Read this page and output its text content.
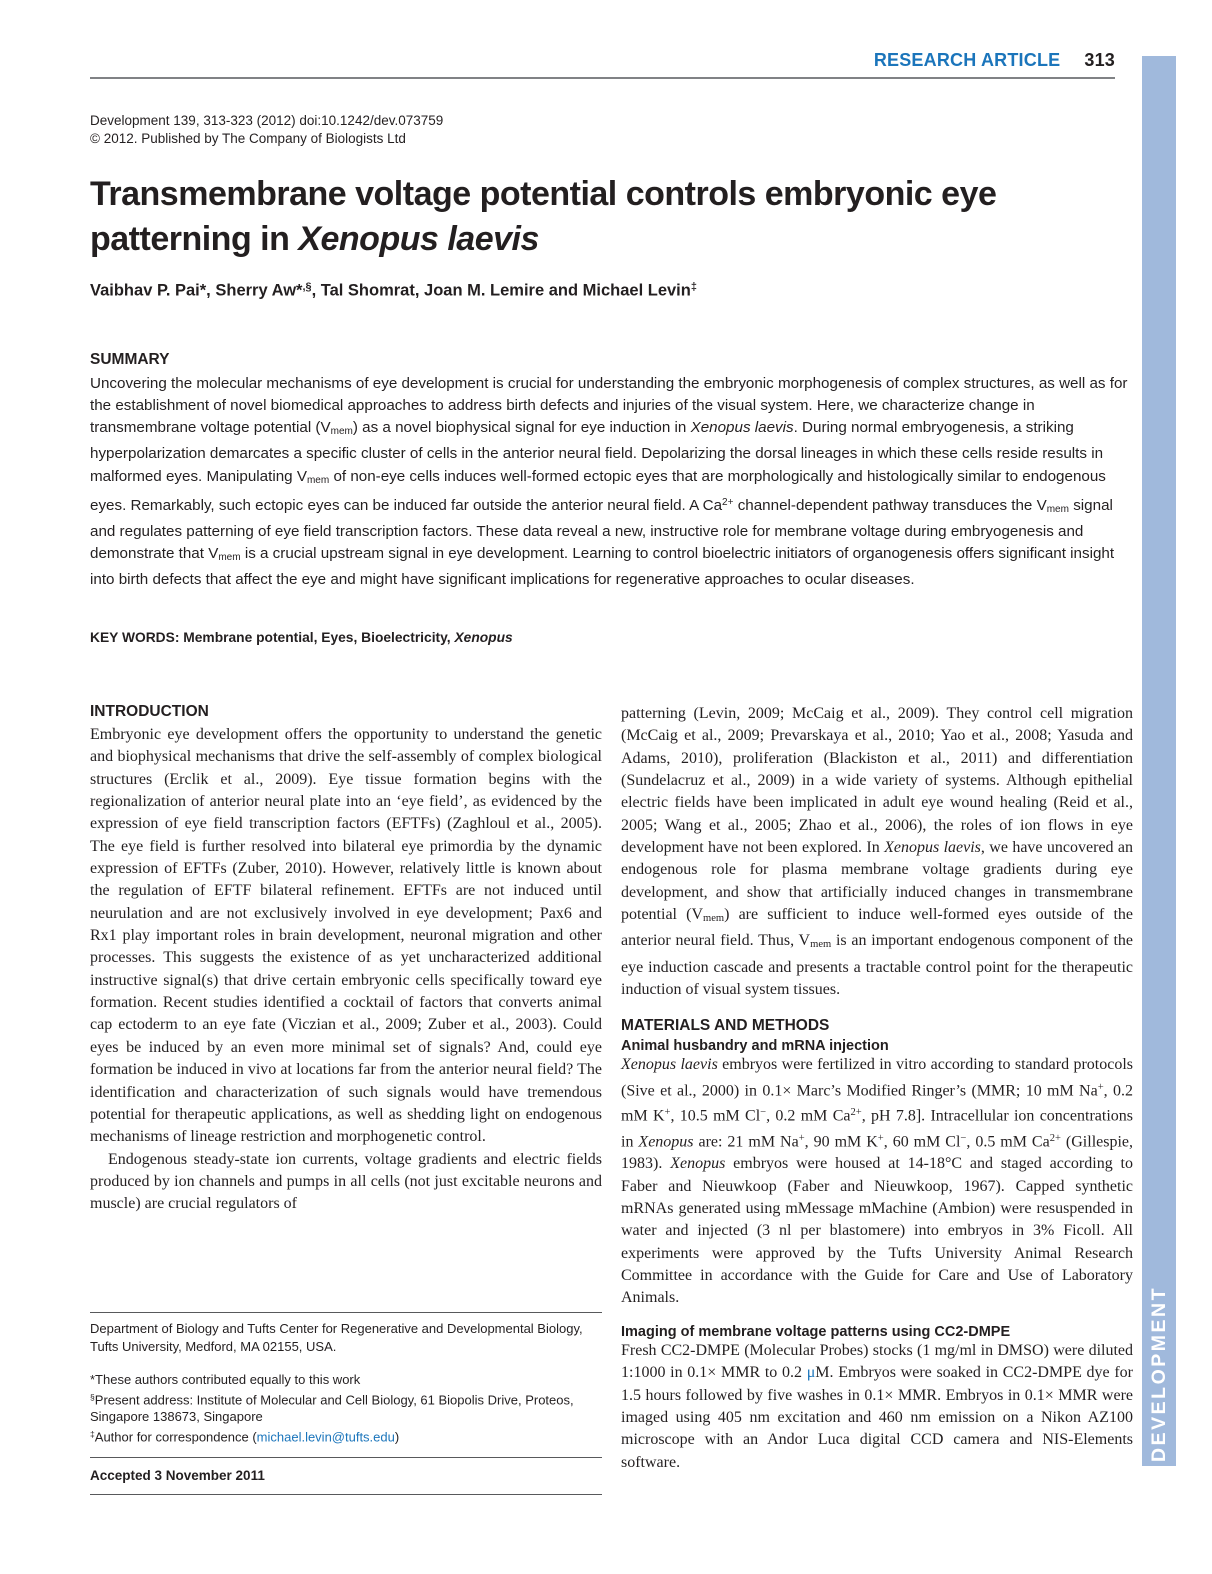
RESEARCH ARTICLE 313
Development 139, 313-323 (2012) doi:10.1242/dev.073759
© 2012. Published by The Company of Biologists Ltd
Transmembrane voltage potential controls embryonic eye patterning in Xenopus laevis
Vaibhav P. Pai*, Sherry Aw*,§, Tal Shomrat, Joan M. Lemire and Michael Levin‡
SUMMARY
Uncovering the molecular mechanisms of eye development is crucial for understanding the embryonic morphogenesis of complex structures, as well as for the establishment of novel biomedical approaches to address birth defects and injuries of the visual system. Here, we characterize change in transmembrane voltage potential (Vmem) as a novel biophysical signal for eye induction in Xenopus laevis. During normal embryogenesis, a striking hyperpolarization demarcates a specific cluster of cells in the anterior neural field. Depolarizing the dorsal lineages in which these cells reside results in malformed eyes. Manipulating Vmem of non-eye cells induces well-formed ectopic eyes that are morphologically and histologically similar to endogenous eyes. Remarkably, such ectopic eyes can be induced far outside the anterior neural field. A $Ca^{2+}$ channel-dependent pathway transduces the Vmem signal and regulates patterning of eye field transcription factors. These data reveal a new, instructive role for membrane voltage during embryogenesis and demonstrate that Vmem is a crucial upstream signal in eye development. Learning to control bioelectric initiators of organogenesis offers significant insight into birth defects that affect the eye and might have significant implications for regenerative approaches to ocular diseases.
KEY WORDS: Membrane potential, Eyes, Bioelectricity, Xenopus
INTRODUCTION

Embryonic eye development offers the opportunity to understand the genetic and biophysical mechanisms that drive the self-assembly of complex biological structures (Erclik et al., 2009). Eye tissue formation begins with the regionalization of anterior neural plate into an ‘eye field’, as evidenced by the expression of eye field transcription factors (EFTFs) (Zaghloul et al., 2005). The eye field is further resolved into bilateral eye primordia by the dynamic expression of EFTFs (Zuber, 2010). However, relatively little is known about the regulation of EFTF bilateral refinement. EFTFs are not induced until neurulation and are not exclusively involved in eye development; Pax6 and Rx1 play important roles in brain development, neuronal migration and other processes. This suggests the existence of as yet uncharacterized additional instructive signal(s) that drive certain embryonic cells specifically toward eye formation. Recent studies identified a cocktail of factors that converts animal cap ectoderm to an eye fate (Viczian et al., 2009; Zuber et al., 2003). Could eyes be induced by an even more minimal set of signals? And, could eye formation be induced in vivo at locations far from the anterior neural field? The identification and characterization of such signals would have tremendous potential for therapeutic applications, as well as shedding light on endogenous mechanisms of lineage restriction and morphogenetic control.

Endogenous steady-state ion currents, voltage gradients and electric fields produced by ion channels and pumps in all cells (not just excitable neurons and muscle) are crucial regulators of

patterning (Levin, 2009; McCaig et al., 2009). They control cell migration (McCaig et al., 2009; Prevarskaya et al., 2010; Yao et al., 2008; Yasuda and Adams, 2010), proliferation (Blackiston et al., 2011) and differentiation (Sundelacruz et al., 2009) in a wide variety of systems. Although epithelial electric fields have been implicated in adult eye wound healing (Reid et al., 2005; Wang et al., 2005; Zhao et al., 2006), the roles of ion flows in eye development have not been explored. In Xenopus laevis, we have uncovered an endogenous role for plasma membrane voltage gradients during eye development, and show that artificially induced changes in transmembrane potential (Vmem) are sufficient to induce well-formed eyes outside of the anterior neural field. Thus, Vmem is an important endogenous component of the eye induction cascade and presents a tractable control point for the therapeutic induction of visual system tissues.

MATERIALS AND METHODS
Animal husbandry and mRNA injection

Xenopus laevis embryos were fertilized in vitro according to standard protocols (Sive et al., 2000) in 0.1× Marc’s Modified Ringer’s (MMR; 10 mM Na+, 0.2 mM K+, 10.5 mM Cl−, 0.2 mM $Ca^{2+}$, pH 7.8]. Intracellular ion concentrations in Xenopus are: 21 mM Na+, 90 mM K+, 60 mM Cl−, 0.5 mM $Ca^{2+}$ (Gillespie, 1983). Xenopus embryos were housed at 14-18°C and staged according to Faber and Nieuwkoop (Faber and Nieuwkoop, 1967). Capped synthetic mRNAs generated using mMessage mMachine (Ambion) were resuspended in water and injected (3 nl per blastomere) into embryos in 3% Ficoll. All experiments were approved by the Tufts University Animal Research Committee in accordance with the Guide for Care and Use of Laboratory Animals.

Imaging of membrane voltage patterns using CC2-DMPE

Fresh CC2-DMPE (Molecular Probes) stocks (1 mg/ml in DMSO) were diluted 1:1000 in 0.1× MMR to 0.2 μM. Embryos were soaked in CC2-DMPE dye for 1.5 hours followed by five washes in 0.1× MMR. Embryos in 0.1× MMR were imaged using 405 nm excitation and 460 nm emission on a Nikon AZ100 microscope with an Andor Luca digital CCD camera and NIS-Elements software.

Department of Biology and Tufts Center for Regenerative and Developmental Biology, Tufts University, Medford, MA 02155, USA.

*These authors contributed equally to this work

§Present address: Institute of Molecular and Cell Biology, 61 Biopolis Drive, Proteos, Singapore 138673, Singapore

‡Author for correspondence (michael.levin@tufts.edu)

Accepted 3 November 2011

DEVELOPMENT
